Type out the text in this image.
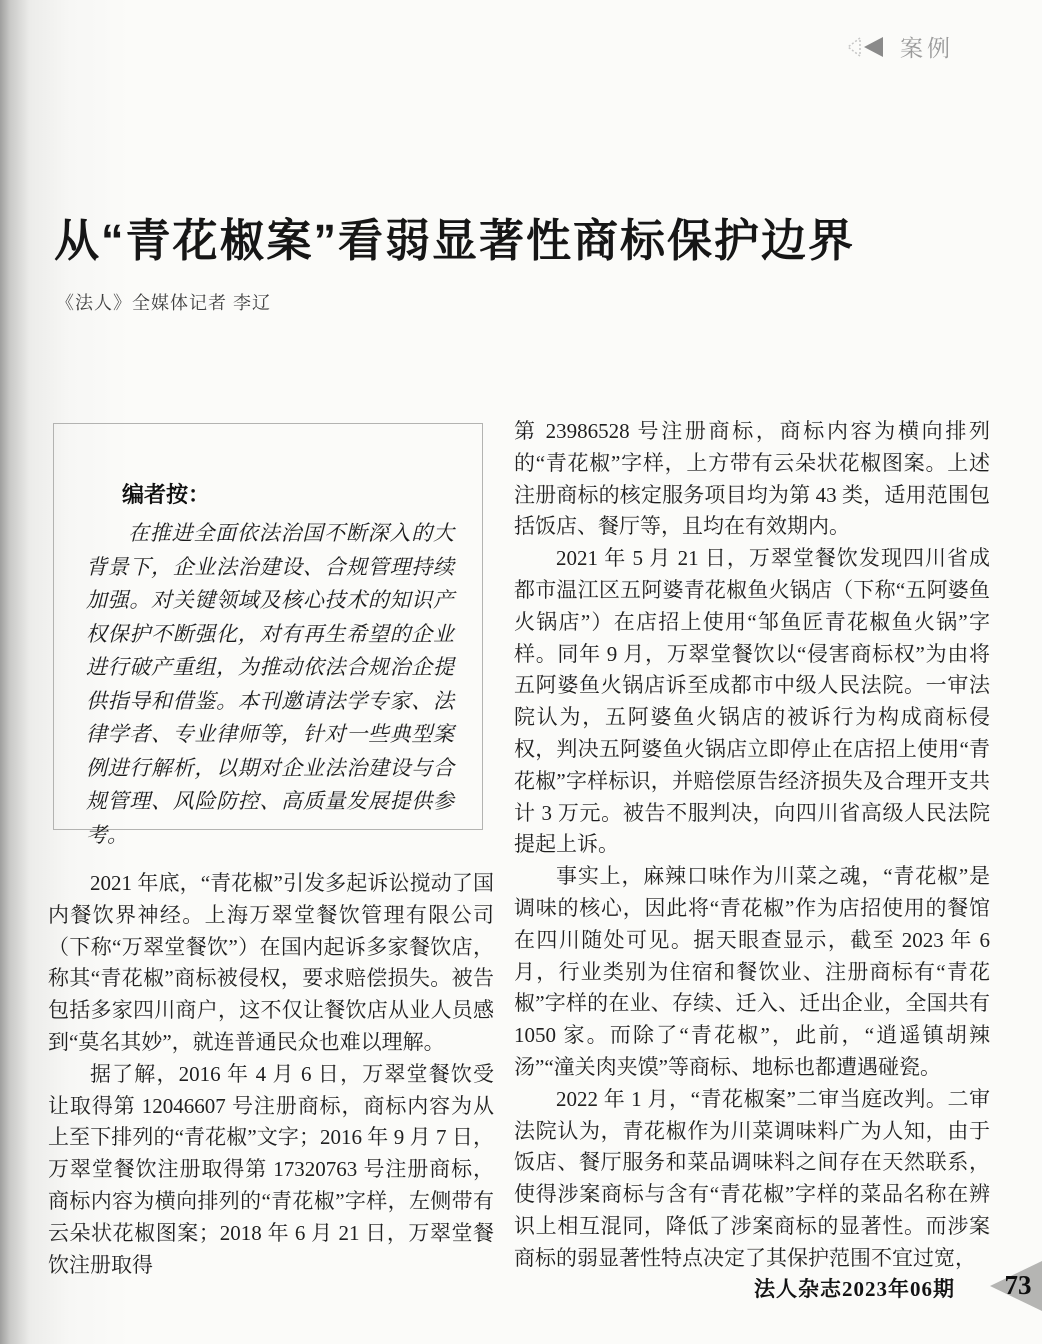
案例
从“青花椒案”看弱显著性商标保护边界
《法人》全媒体记者 李辽
编者按：
在推进全面依法治国不断深入的大背景下，企业法治建设、合规管理持续加强。对关键领域及核心技术的知识产权保护不断强化，对有再生希望的企业进行破产重组，为推动依法合规治企提供指导和借鉴。本刊邀请法学专家、法律学者、专业律师等，针对一些典型案例进行解析，以期对企业法治建设与合规管理、风险防控、高质量发展提供参考。

2021 年底，“青花椒”引发多起诉讼搅动了国内餐饮界神经。上海万翠堂餐饮管理有限公司（下称“万翠堂餐饮”）在国内起诉多家餐饮店，称其“青花椒”商标被侵权，要求赔偿损失。被告包括多家四川商户，这不仅让餐饮店从业人员感到“莫名其妙”，就连普通民众也难以理解。

据了解，2016 年 4 月 6 日，万翠堂餐饮受让取得第 12046607 号注册商标，商标内容为从上至下排列的“青花椒”文字；2016 年 9 月 7 日，万翠堂餐饮注册取得第 17320763 号注册商标，商标内容为横向排列的“青花椒”字样，左侧带有云朵状花椒图案；2018 年 6 月 21 日，万翠堂餐饮注册取得

第 23986528 号注册商标，商标内容为横向排列的“青花椒”字样，上方带有云朵状花椒图案。上述注册商标的核定服务项目均为第 43 类，适用范围包括饭店、餐厅等，且均在有效期内。

2021 年 5 月 21 日，万翠堂餐饮发现四川省成都市温江区五阿婆青花椒鱼火锅店（下称“五阿婆鱼火锅店”）在店招上使用“邹鱼匠青花椒鱼火锅”字样。同年 9 月，万翠堂餐饮以“侵害商标权”为由将五阿婆鱼火锅店诉至成都市中级人民法院。一审法院认为，五阿婆鱼火锅店的被诉行为构成商标侵权，判决五阿婆鱼火锅店立即停止在店招上使用“青花椒”字样标识，并赔偿原告经济损失及合理开支共计 3 万元。被告不服判决，向四川省高级人民法院提起上诉。

事实上，麻辣口味作为川菜之魂，“青花椒”是调味的核心，因此将“青花椒”作为店招使用的餐馆在四川随处可见。据天眼查显示，截至 2023 年 6 月，行业类别为住宿和餐饮业、注册商标有“青花椒”字样的在业、存续、迁入、迁出企业，全国共有 1050 家。而除了“青花椒”，此前，“逍遥镇胡辣汤”“潼关肉夹馍”等商标、地标也都遭遇碰瓷。

2022 年 1 月，“青花椒案”二审当庭改判。二审法院认为，青花椒作为川菜调味料广为人知，由于饭店、餐厅服务和菜品调味料之间存在天然联系，使得涉案商标与含有“青花椒”字样的菜品名称在辨识上相互混同，降低了涉案商标的显著性。而涉案商标的弱显著性特点决定了其保护范围不宜过宽，

法人杂志2023年06期	73
